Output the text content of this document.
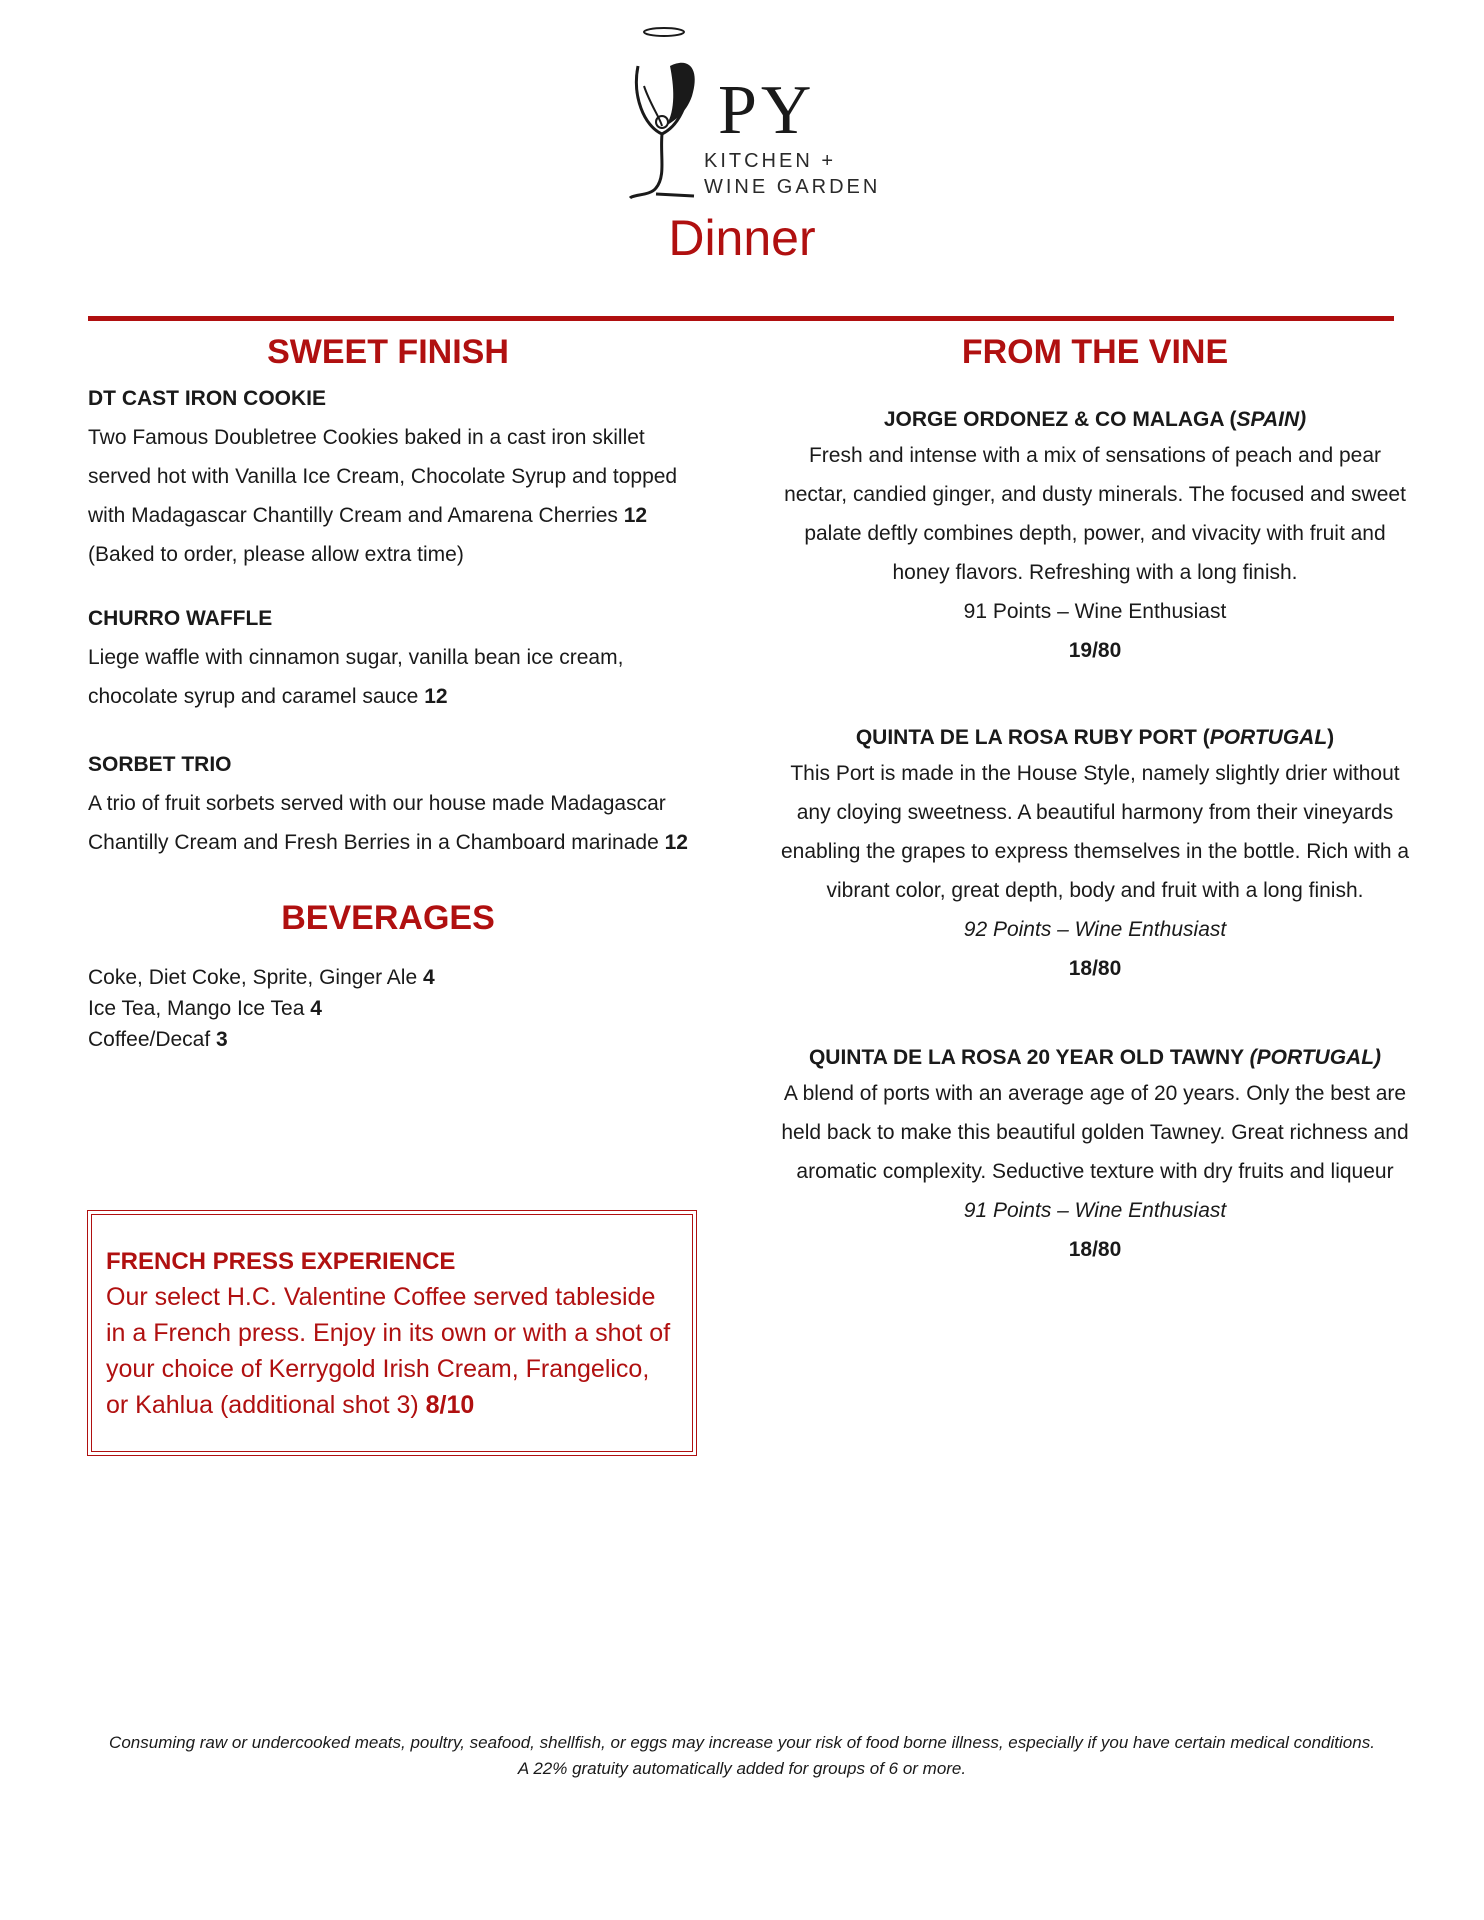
PY
KITCHEN +
WINE GARDEN
Dinner
SWEET FINISH

DT CAST IRON COOKIE

Two Famous Doubletree Cookies baked in a cast iron skillet served hot with Vanilla Ice Cream, Chocolate Syrup and topped with Madagascar Chantilly Cream and Amarena Cherries 12

(Baked to order, please allow extra time)

CHURRO WAFFLE

Liege waffle with cinnamon sugar, vanilla bean ice cream, chocolate syrup and caramel sauce 12

SORBET TRIO

A trio of fruit sorbets served with our house made Madagascar Chantilly Cream and Fresh Berries in a Chamboard marinade 12

BEVERAGES
Coke, Diet Coke, Sprite, Ginger Ale 4
Ice Tea, Mango Ice Tea 4
Coffee/Decaf 3

FRENCH PRESS EXPERIENCE

Our select H.C. Valentine Coffee served tableside in a French press. Enjoy in its own or with a shot of your choice of Kerrygold Irish Cream, Frangelico, or Kahlua (additional shot 3) 8/10

FROM THE VINE

JORGE ORDONEZ & CO MALAGA (SPAIN)

Fresh and intense with a mix of sensations of peach and pear nectar, candied ginger, and dusty minerals. The focused and sweet palate deftly combines depth, power, and vivacity with fruit and honey flavors. Refreshing with a long finish.

91 Points – Wine Enthusiast

19/80

QUINTA DE LA ROSA RUBY PORT (PORTUGAL)

This Port is made in the House Style, namely slightly drier without any cloying sweetness. A beautiful harmony from their vineyards enabling the grapes to express themselves in the bottle. Rich with a vibrant color, great depth, body and fruit with a long finish.

92 Points – Wine Enthusiast

18/80

QUINTA DE LA ROSA 20 YEAR OLD TAWNY (PORTUGAL)

A blend of ports with an average age of 20 years. Only the best are held back to make this beautiful golden Tawney. Great richness and aromatic complexity. Seductive texture with dry fruits and liqueur

91 Points – Wine Enthusiast

18/80

Consuming raw or undercooked meats, poultry, seafood, shellfish, or eggs may increase your risk of food borne illness, especially if you have certain medical conditions.
A 22% gratuity automatically added for groups of 6 or more.
